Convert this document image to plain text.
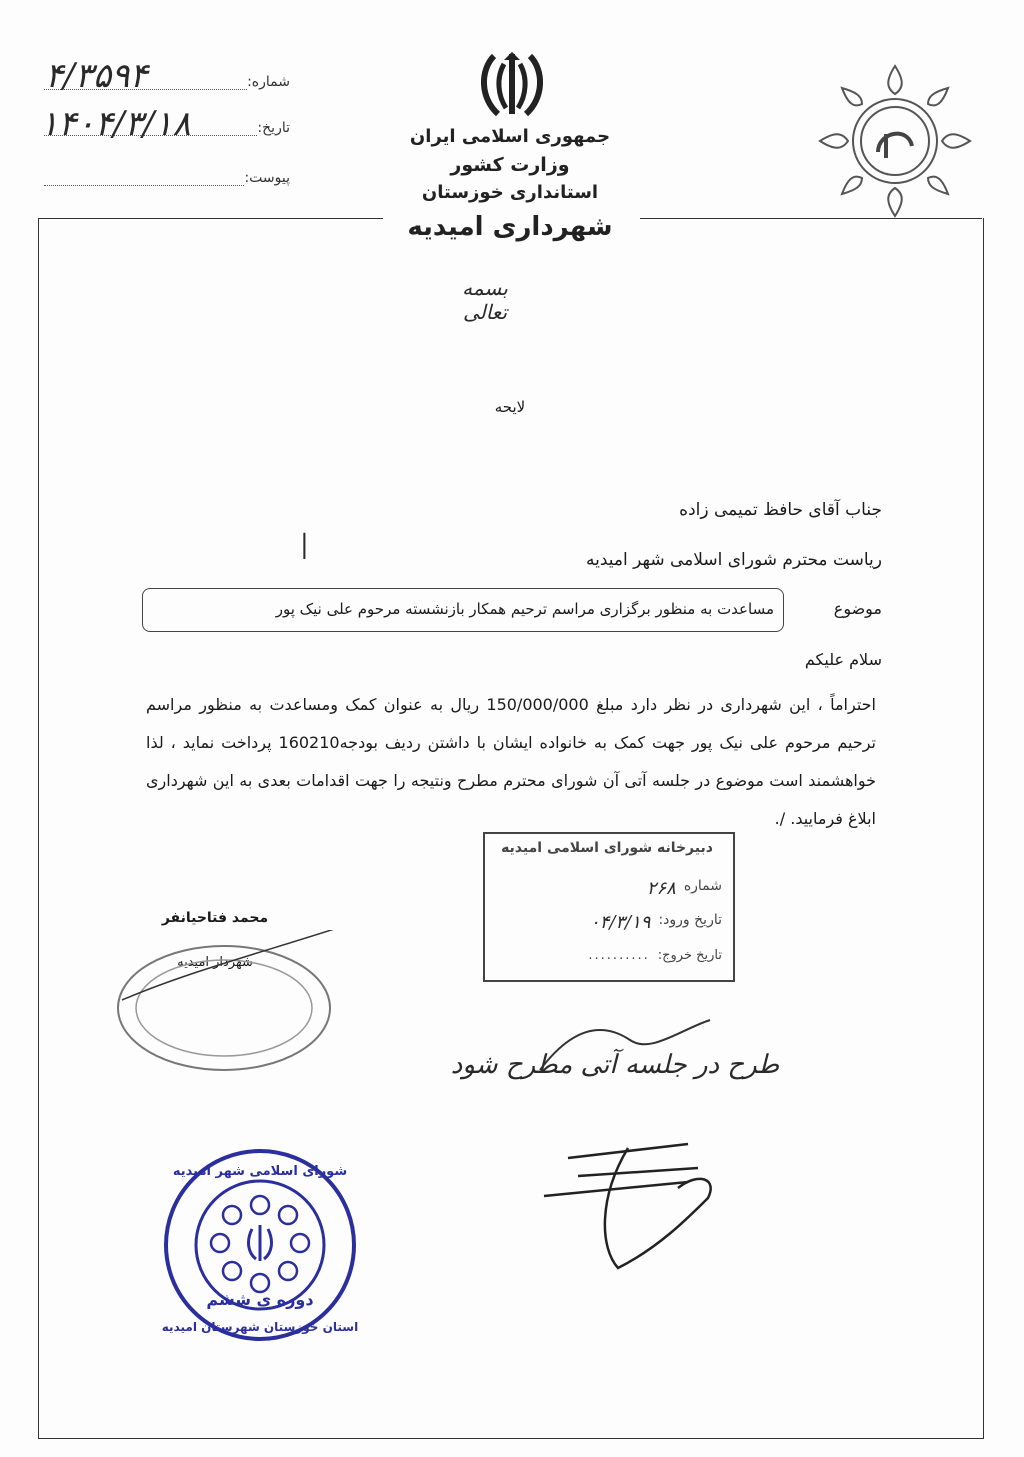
شماره:
۴/۳۵۹۴
تاریخ:
۱۴۰۴/۳/۱۸
پیوست:
جمهوری اسلامی ایران
وزارت کشور
استانداری خوزستان
شهرداری امیدیه
بسمه تعالی
لایحه
جناب آقای حافظ تمیمی زاده
ریاست محترم شورای اسلامی شهر امیدیه
|
موضوع
مساعدت به منظور برگزاری مراسم ترحیم همکار بازنشسته مرحوم علی نیک پور
سلام علیکم
احتراماً ، این شهرداری در نظر دارد مبلغ 150/000/000 ریال به عنوان کمک ومساعدت به منظور مراسم ترحیم مرحوم علی نیک پور جهت کمک به خانواده ایشان با داشتن ردیف بودجه160210 پرداخت نماید ، لذا خواهشمند است موضوع در جلسه آتی آن شورای محترم مطرح ونتیجه را جهت اقدامات بعدی به این شهرداری ابلاغ فرمایید. /.
دبیرخانه شورای اسلامی امیدیه
شماره
۲۶۸
تاریخ ورود:
۰۴/۳/۱۹
تاریخ خروج:
..........
محمد فتاحیانفر
شهردار امیدیه
طرح در جلسه آتی مطرح شود
دوره ی ششم
شورای اسلامی شهر امیدیه
استان خوزستان شهرستان امیدیه
